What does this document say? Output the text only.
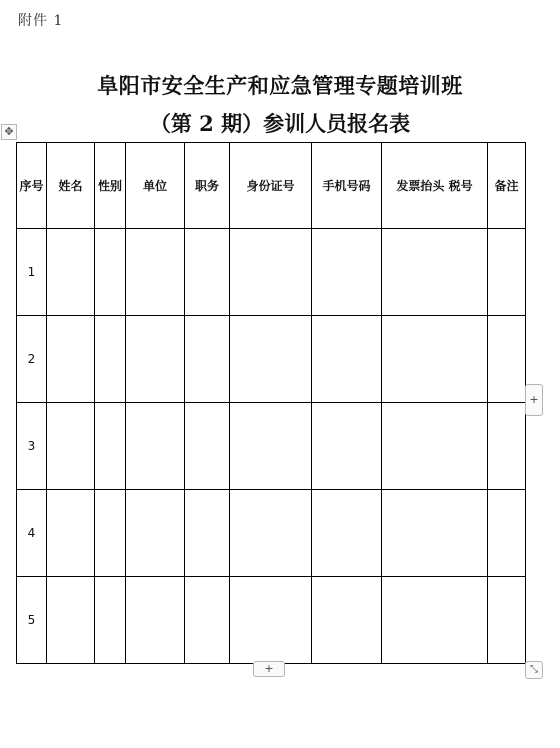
附件 1
阜阳市安全生产和应急管理专题培训班
（第 2 期）参训人员报名表
✥
序号	姓名	性别	单位	职务	身份证号	手机号码	发票抬头 税号	备注
1								
2								
3								
4								
5								
+
+	⤡
